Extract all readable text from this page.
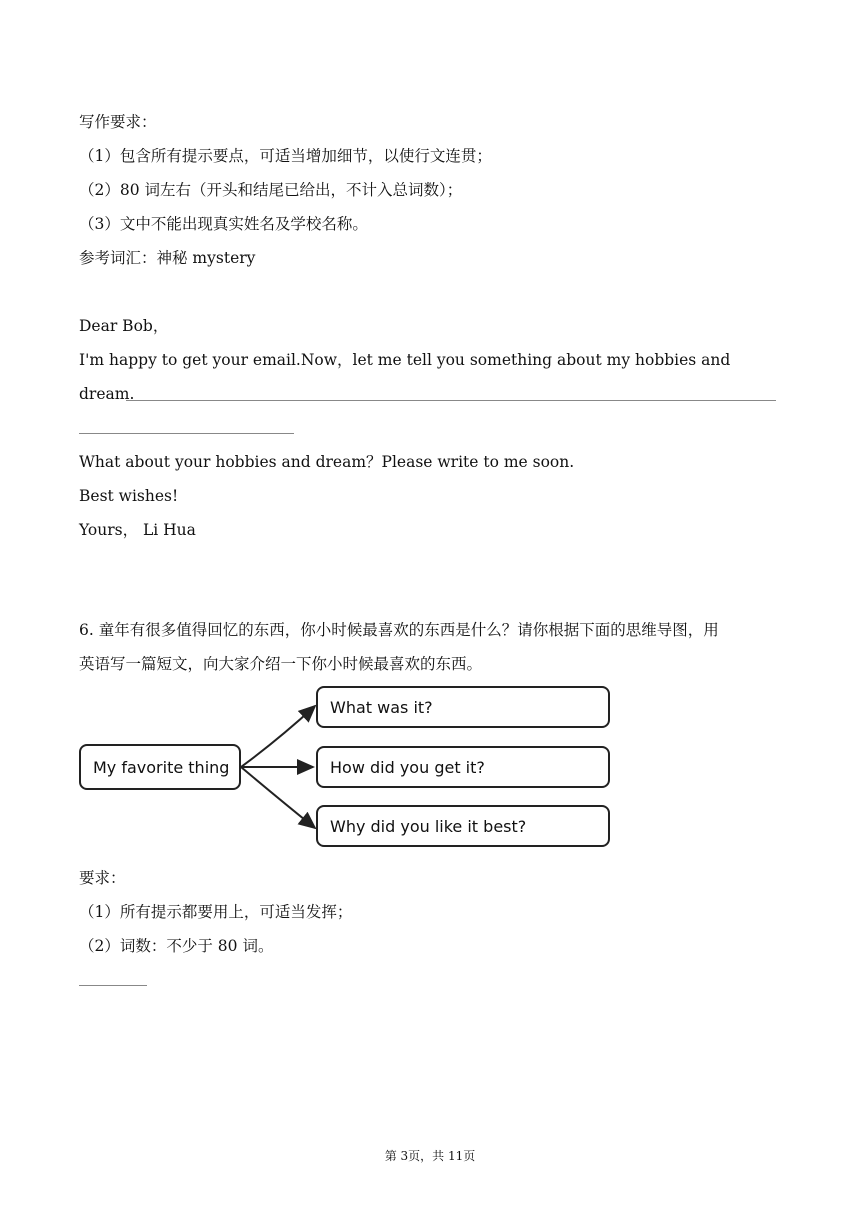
写作要求：
（1）包含所有提示要点，可适当增加细节，以使行文连贯；
（2）80 词左右（开头和结尾已给出，不计入总词数）；
（3）文中不能出现真实姓名及学校名称。
参考词汇：神秘 mystery
Dear Bob，
I'm happy to get your email.Now，let me tell you something about my hobbies and
dream.
What about your hobbies and dream？Please write to me soon.
Best wishes!
Yours， Li Hua
6. 童年有很多值得回忆的东西，你小时候最喜欢的东西是什么？请你根据下面的思维导图，用
英语写一篇短文，向大家介绍一下你小时候最喜欢的东西。
My favorite thing
What was it?
How did you get it?
Why did you like it best?
要求：
（1）所有提示都要用上，可适当发挥；
（2）词数：不少于 80 词。
第 3页，共 11页
